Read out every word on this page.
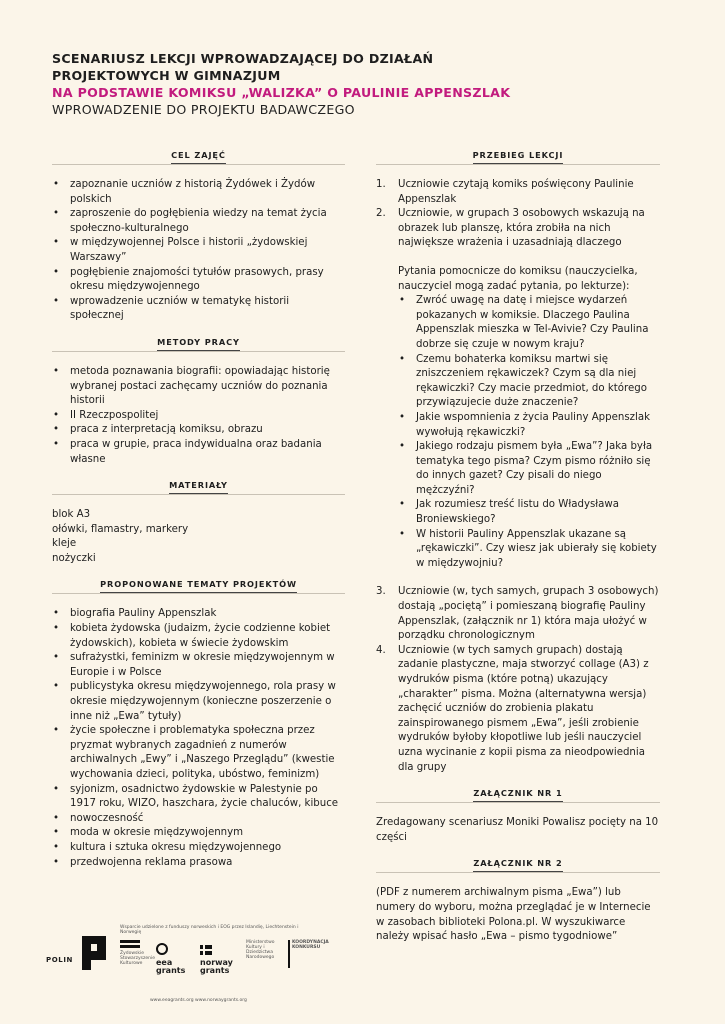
SCENARIUSZ LEKCJI WPROWADZAJĄCEJ DO DZIAŁAŃ
PROJEKTOWYCH W GIMNAZJUM
NA PODSTAWIE KOMIKSU „WALIZKA” O PAULINIE APPENSZLAK
WPROWADZENIE DO PROJEKTU BADAWCZEGO
CEL ZAJĘĆ
• zapoznanie uczniów z historią Żydówek i Żydów polskich
• zaproszenie do pogłębienia wiedzy na temat życia społeczno-kulturalnego
• w międzywojennej Polsce i historii „żydowskiej Warszawy”
• pogłębienie znajomości tytułów prasowych, prasy okresu międzywojennego
• wprowadzenie uczniów w tematykę historii społecznej
METODY PRACY
• metoda poznawania biografii: opowiadając historię wybranej postaci zachęcamy uczniów do poznania historii
• II Rzeczpospolitej
• praca z interpretacją komiksu, obrazu
• praca w grupie, praca indywidualna oraz badania własne
MATERIAŁY
blok A3
ołówki, flamastry, markery
kleje
nożyczki
PROPONOWANE TEMATY PROJEKTÓW
• biografia Pauliny Appenszlak
• kobieta żydowska (judaizm, życie codzienne kobiet żydowskich), kobieta w świecie żydowskim
• sufrażystki, feminizm w okresie międzywojennym w Europie i w Polsce
• publicystyka okresu międzywojennego, rola prasy w okresie międzywojennym (konieczne poszerzenie o inne niż „Ewa” tytuły)
• życie społeczne i problematyka społeczna przez pryzmat wybranych zagadnień z numerów archiwalnych „Ewy” i „Naszego Przeglądu” (kwestie wychowania dzieci, polityka, ubóstwo, feminizm)
• syjonizm, osadnictwo żydowskie w Palestynie po 1917 roku, WIZO, haszchara, życie chaluców, kibuce
• nowoczesność
• moda w okresie międzywojennym
• kultura i sztuka okresu międzywojennego
• przedwojenna reklama prasowa
PRZEBIEG LEKCJI
1. Uczniowie czytają komiks poświęcony Paulinie Appenszlak
2. Uczniowie, w grupach 3 osobowych wskazują na obrazek lub planszę, która zrobiła na nich największe wrażenia i uzasadniają dlaczego
Pytania pomocnicze do komiksu (nauczycielka, nauczyciel mogą zadać pytania, po lekturze):
• Zwróć uwagę na datę i miejsce wydarzeń pokazanych w komiksie. Dlaczego Paulina Appenszlak mieszka w Tel-Avivie? Czy Paulina dobrze się czuje w nowym kraju?
• Czemu bohaterka komiksu martwi się zniszczeniem rękawiczek? Czym są dla niej rękawiczki? Czy macie przedmiot, do którego przywiązujecie duże znaczenie?
• Jakie wspomnienia z życia Pauliny Appenszlak wywołują rękawiczki?
• Jakiego rodzaju pismem była „Ewa”? Jaka była tematyka tego pisma? Czym pismo różniło się do innych gazet? Czy pisali do niego mężczyźni?
• Jak rozumiesz treść listu do Władysława Broniewskiego?
• W historii Pauliny Appenszlak ukazane są „rękawiczki”. Czy wiesz jak ubierały się kobiety w międzywojniu?
3. Uczniowie (w, tych samych, grupach 3 osobowych) dostają „pociętą” i pomieszaną biografię Pauliny Appenszlak, (załącznik nr 1) która maja ułożyć w porządku chronologicznym
4. Uczniowie (w tych samych grupach) dostają zadanie plastyczne, maja stworzyć collage (A3) z wydruków pisma (które potną) ukazujący „charakter” pisma. Można (alternatywna wersja) zachęcić uczniów do zrobienia plakatu zainspirowanego pismem „Ewa”, jeśli zrobienie wydruków byłoby kłopotliwe lub jeśli nauczyciel uzna wycinanie z kopii pisma za nieodpowiednia dla grupy
ZAŁĄCZNIK NR 1
Zredagowany scenariusz Moniki Powalisz pocięty na 10 części
ZAŁĄCZNIK NR 2
(PDF z numerem archiwalnym pisma „Ewa”) lub numery do wyboru, można przeglądać je w Internecie w zasobach biblioteki Polona.pl. W wyszukiwarce należy wpisać hasło „Ewa – pismo tygodniowe”
POLIN
Wsparcie udzielone z funduszy norweskich i EOG przez Islandię, Liechtenstein i Norwegię
Żydowskie Stowarzyszenie Kulturowe	eea grants
norway grants
Ministerstwo Kultury i Dziedzictwa Narodowego
KOORDYNACJA KONKURSU
www.eeagrants.org www.norwaygrants.org
